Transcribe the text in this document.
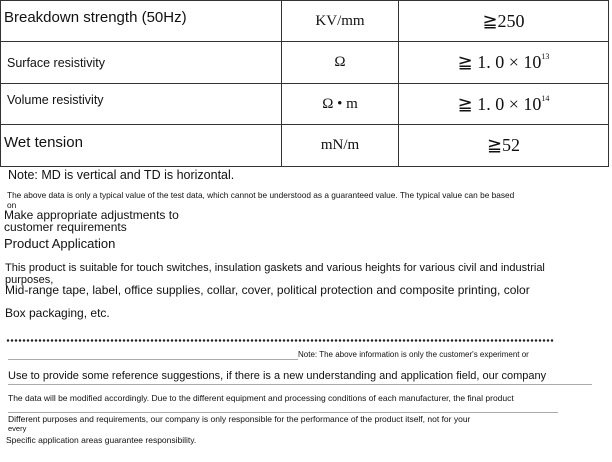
Breakdown strength (50Hz)	KV/mm	≧250
Surface resistivity	Ω	≧ 1. $0 \times 10^{13}$
Volume resistivity	Ω • m	≧ 1. $0 \times 10^{14}$
Wet tension	mN/m	≧52
Note: MD is vertical and TD is horizontal.
The above data is only a typical value of the test data, which cannot be understood as a guaranteed value. The typical value can be based
on
Make appropriate adjustments to
customer requirements
Product Application
This product is suitable for touch switches, insulation gaskets and various heights for various civil and industrial
purposes,
Mid-range tape, label, office supplies, collar, cover, political protection and composite printing, color
Box packaging, etc.
Note: The above information is only the customer's experiment or
Use to provide some reference suggestions, if there is a new understanding and application field, our company
The data will be modified accordingly. Due to the different equipment and processing conditions of each manufacturer, the final product
Different purposes and requirements, our company is only responsible for the performance of the product itself, not for your
every
Specific application areas guarantee responsibility.
